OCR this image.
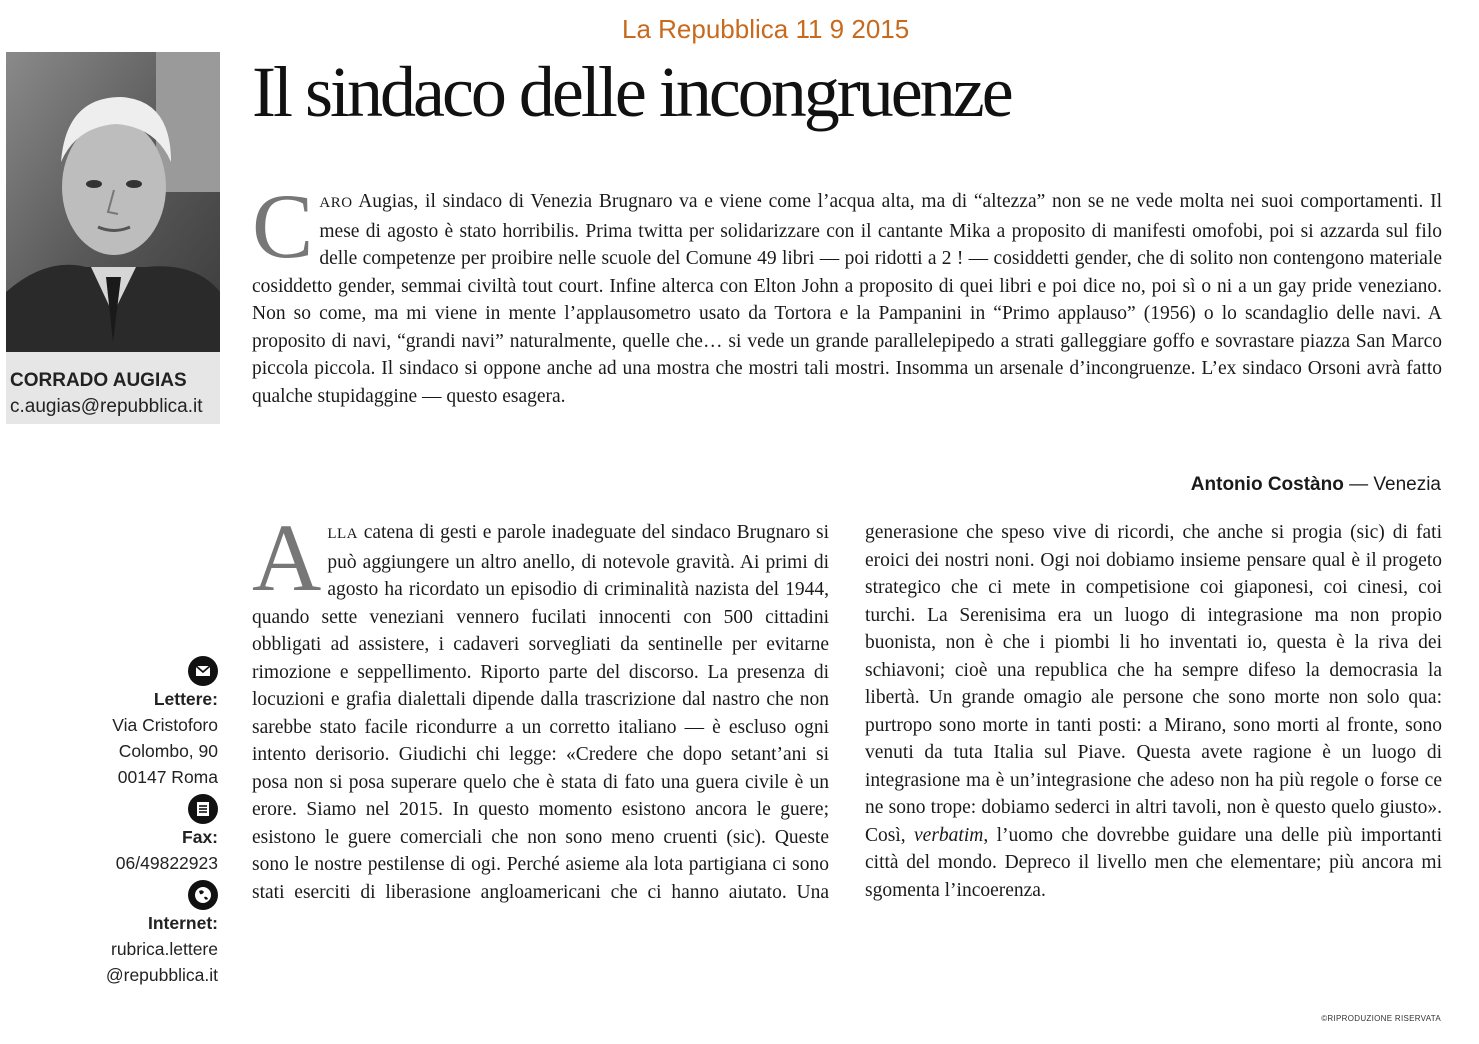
La Repubblica 11 9 2015
Il sindaco delle incongruenze
CORRADO AUGIAS
c.augias@repubblica.it

CARO Augias, il sindaco di Venezia Brugnaro va e viene come l’acqua alta, ma di “altezza” non se ne vede molta nei suoi comportamenti. Il mese di agosto è stato horribilis. Prima twitta per solidarizzare con il cantante Mika a proposito di manifesti omofobi, poi si azzarda sul filo delle competenze per proibire nelle scuole del Comune 49 libri — poi ridotti a 2 ! — cosiddetti gender, che di solito non contengono materiale cosiddetto gender, semmai civiltà tout court. Infine alterca con Elton John a proposito di quei libri e poi dice no, poi sì o ni a un gay pride veneziano. Non so come, ma mi viene in mente l’applausometro usato da Tortora e la Pampanini in “Primo applauso” (1956) o lo scandaglio delle navi. A proposito di navi, “grandi navi” naturalmente, quelle che… si vede un grande parallelepipedo a strati galleggiare goffo e sovrastare piazza San Marco piccola piccola. Il sindaco si oppone anche ad una mostra che mostri tali mostri. Insomma un arsenale d’incongruenze. L’ex sindaco Orsoni avrà fatto qualche stupidaggine — questo esagera.

Antonio Costàno — Venezia

ALLA catena di gesti e parole inadeguate del sindaco Brugnaro si può aggiungere un altro anello, di notevole gravità. Ai primi di agosto ha ricordato un episodio di criminalità nazista del 1944, quando sette veneziani vennero fucilati innocenti con 500 cittadini obbligati ad assistere, i cadaveri sorvegliati da sentinelle per evitarne rimozione e seppellimento. Riporto parte del discorso. La presenza di locuzioni e grafia dialettali dipende dalla trascrizione dal nastro che non sarebbe stato facile ricondurre a un corretto italiano — è escluso ogni intento derisorio. Giudichi chi legge: «Credere che dopo setant’ani si posa non si posa superare quelo che è stata di fato una guera civile è un erore. Siamo nel 2015. In questo momento esistono ancora le guere; esistono le guere comerciali che non sono meno cruenti (sic). Queste sono le nostre pestilense di ogi. Perché asieme ala lota partigiana ci sono stati eserciti di liberasione angloamericani che ci hanno aiutato. Una generasione che speso vive di ricordi, che anche si progia (sic) di fati eroici dei nostri noni. Ogi noi dobiamo insieme pensare qual è il progeto strategico che ci mete in competisione coi giaponesi, coi cinesi, coi turchi. La Serenisima era un luogo di integrasione ma non propio buonista, non è che i piombi li ho inventati io, questa è la riva dei schiavoni; cioè una republica che ha sempre difeso la democrasia la libertà. Un grande omagio ale persone che sono morte non solo qua: purtropo sono morte in tanti posti: a Mirano, sono morti al fronte, sono venuti da tuta Italia sul Piave. Questa avete ragione è un luogo di integrasione ma è un’integrasione che adeso non ha più regole o forse ce ne sono trope: dobiamo sederci in altri tavoli, non è questo quelo giusto». Così, verbatim, l’uomo che dovrebbe guidare una delle più importanti città del mondo. Depreco il livello men che elementare; più ancora mi sgomenta l’incoerenza.

Lettere:
Via Cristoforo
Colombo, 90
00147 Roma
Fax:
06/49822923
Internet:
rubrica.lettere
@repubblica.it
©RIPRODUZIONE RISERVATA
